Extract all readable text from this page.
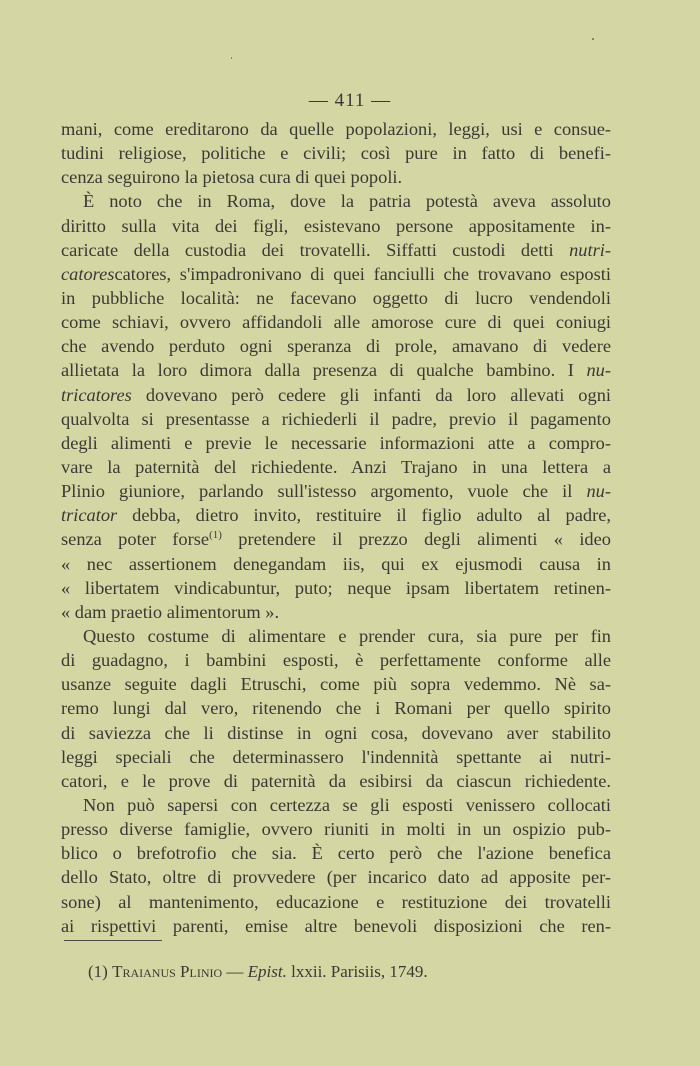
— 411 —
mani, come ereditarono da quelle popolazioni, leggi, usi e consue-
tudini religiose, politiche e civili; così pure in fatto di benefi-
cenza seguirono la pietosa cura di quei popoli.
È noto che in Roma, dove la patria potestà aveva assoluto
diritto sulla vita dei figli, esistevano persone appositamente in-
caricate della custodia dei trovatelli. Siffatti custodi detti nutri-
catorescatores, s'impadronivano di quei fanciulli che trovavano esposti
in pubbliche località: ne facevano oggetto di lucro vendendoli
come schiavi, ovvero affidandoli alle amorose cure di quei coniugi
che avendo perduto ogni speranza di prole, amavano di vedere
allietata la loro dimora dalla presenza di qualche bambino. I nu-
tricatores dovevano però cedere gli infanti da loro allevati ogni
qualvolta si presentasse a richiederli il padre, previo il pagamento
degli alimenti e previe le necessarie informazioni atte a compro-
vare la paternità del richiedente. Anzi Trajano in una lettera a
Plinio giuniore, parlando sull'istesso argomento, vuole che il nu-
tricator debba, dietro invito, restituire il figlio adulto al padre,
senza poter forse$^{(1)}$ pretendere il prezzo degli alimenti « ideo
« nec assertionem denegandam iis, qui ex ejusmodi causa in
« libertatem vindicabuntur, puto; neque ipsam libertatem retinen-
« dam praetio alimentorum ».
Questo costume di alimentare e prender cura, sia pure per fin
di guadagno, i bambini esposti, è perfettamente conforme alle
usanze seguite dagli Etruschi, come più sopra vedemmo. Nè sa-
remo lungi dal vero, ritenendo che i Romani per quello spirito
di saviezza che li distinse in ogni cosa, dovevano aver stabilito
leggi speciali che determinassero l'indennità spettante ai nutri-
catori, e le prove di paternità da esibirsi da ciascun richiedente.
Non può sapersi con certezza se gli esposti venissero collocati
presso diverse famiglie, ovvero riuniti in molti in un ospizio pub-
blico o brefotrofio che sia. È certo però che l'azione benefica
dello Stato, oltre di provvedere (per incarico dato ad apposite per-
sone) al mantenimento, educazione e restituzione dei trovatelli
ai rispettivi parenti, emise altre benevoli disposizioni che ren-
(1) Traianus Plinio — Epist. lxxii. Parisiis, 1749.
